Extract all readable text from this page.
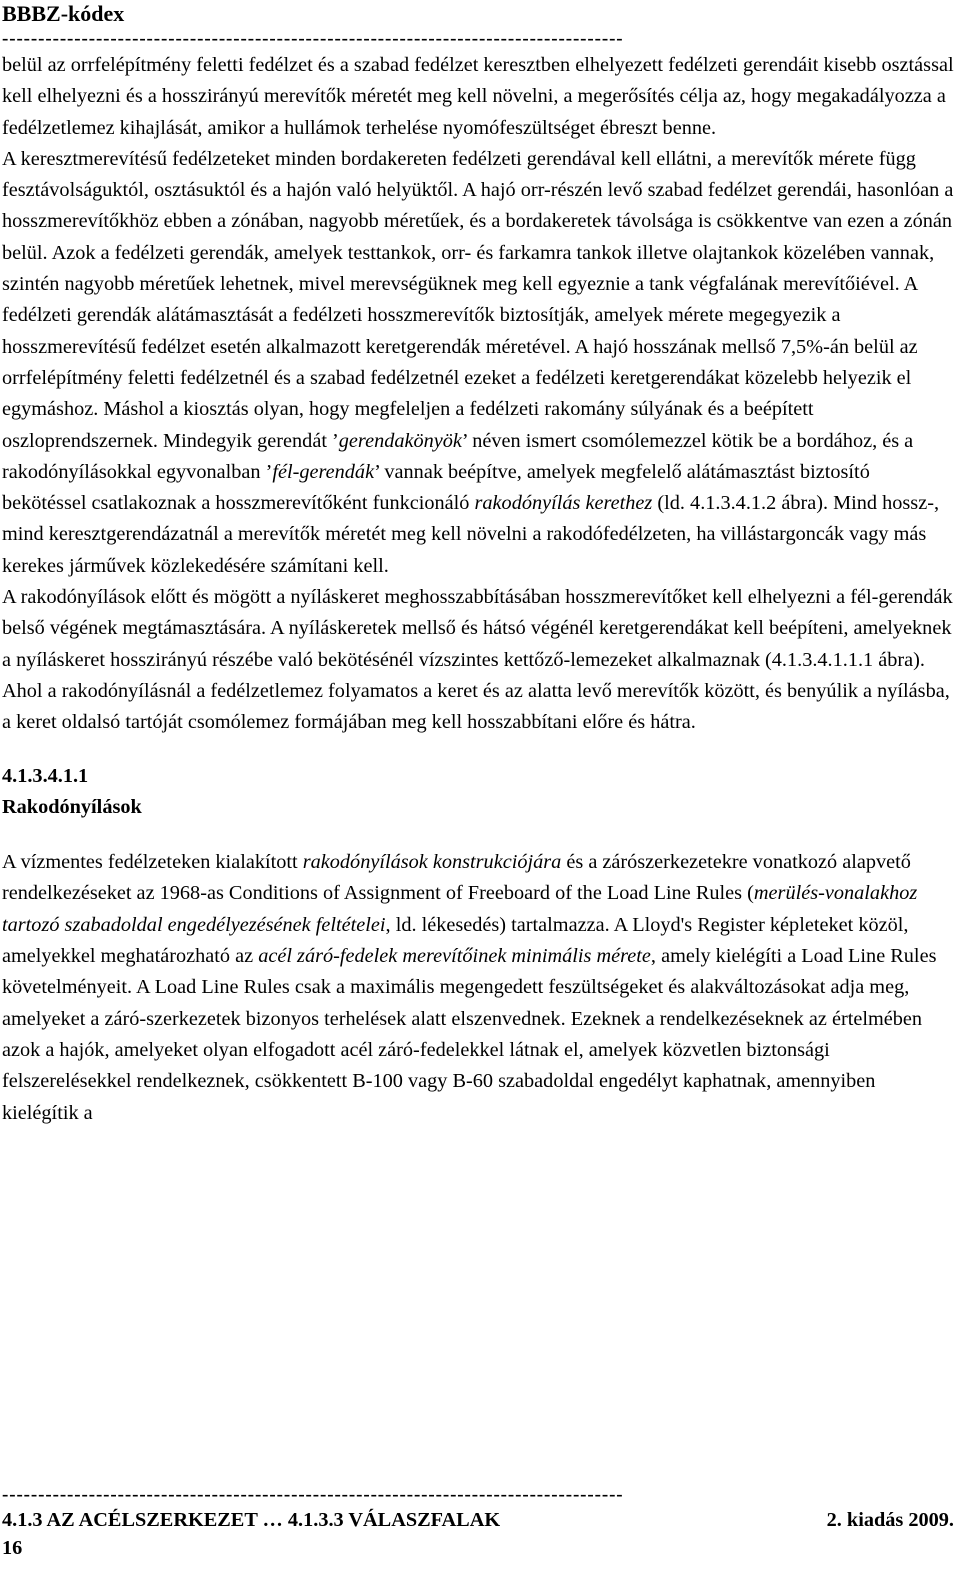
BBBZ-kódex
--------------------------------------------------------------------------------------

belül az orrfelépítmény feletti fedélzet és a szabad fedélzet keresztben elhelyezett fedélzeti gerendáit kisebb osztással kell elhelyezni és a hosszirányú merevítők méretét meg kell növelni, a megerősítés célja az, hogy megakadályozza a fedélzetlemez kihajlását, amikor a hullámok terhelése nyomófeszültséget ébreszt benne.

A keresztmerevítésű fedélzeteket minden bordakereten fedélzeti gerendával kell ellátni, a merevítők mérete függ fesztávolságuktól, osztásuktól és a hajón való helyüktől. A hajó orr-részén levő szabad fedélzet gerendái, hasonlóan a hosszmerevítőkhöz ebben a zónában, nagyobb méretűek, és a bordakeretek távolsága is csökkentve van ezen a zónán belül. Azok a fedélzeti gerendák, amelyek testtankok, orr- és farkamra tankok illetve olajtankok közelében vannak, szintén nagyobb méretűek lehetnek, mivel merevségüknek meg kell egyeznie a tank végfalának merevítőiével. A fedélzeti gerendák alátámasztását a fedélzeti hosszmerevítők biztosítják, amelyek mérete megegyezik a hosszmerevítésű fedélzet esetén alkalmazott keretgerendák méretével. A hajó hosszának mellső 7,5%-án belül az orrfelépítmény feletti fedélzetnél és a szabad fedélzetnél ezeket a fedélzeti keretgerendákat közelebb helyezik el egymáshoz. Máshol a kiosztás olyan, hogy megfeleljen a fedélzeti rakomány súlyának és a beépített oszloprendszernek. Mindegyik gerendát ’gerendakönyök’ néven ismert csomólemezzel kötik be a bordához, és a rakodónyílásokkal egyvonalban ’fél-gerendák’ vannak beépítve, amelyek megfelelő alátámasztást biztosító bekötéssel csatlakoznak a hosszmerevítőként funkcionáló rakodónyílás kerethez (ld. 4.1.3.4.1.2 ábra). Mind hossz-, mind keresztgerendázatnál a merevítők méretét meg kell növelni a rakodófedélzeten, ha villástargoncák vagy más kerekes járművek közlekedésére számítani kell.

A rakodónyílások előtt és mögött a nyíláskeret meghosszabbításában hosszmerevítőket kell elhelyezni a fél-gerendák belső végének megtámasztására. A nyíláskeretek mellső és hátsó végénél keretgerendákat kell beépíteni, amelyeknek a nyíláskeret hosszirányú részébe való bekötésénél vízszintes kettőző-lemezeket alkalmaznak (4.1.3.4.1.1.1 ábra). Ahol a rakodónyílásnál a fedélzetlemez folyamatos a keret és az alatta levő merevítők között, és benyúlik a nyílásba, a keret oldalsó tartóját csomólemez formájában meg kell hosszabbítani előre és hátra.

4.1.3.4.1.1
Rakodónyílások

A vízmentes fedélzeteken kialakított rakodónyílások konstrukciójára és a zárószerkezetekre vonatkozó alapvető rendelkezéseket az 1968-as Conditions of Assignment of Freeboard of the Load Line Rules (merülés-vonalakhoz tartozó szabadoldal engedélyezésének feltételei, ld. lékesedés) tartalmazza. A Lloyd's Register képleteket közöl, amelyekkel meghatározható az acél záró-fedelek merevítőinek minimális mérete, amely kielégíti a Load Line Rules követelményeit. A Load Line Rules csak a maximális megengedett feszültségeket és alakváltozásokat adja meg, amelyeket a záró-szerkezetek bizonyos terhelések alatt elszenvednek. Ezeknek a rendelkezéseknek az értelmében azok a hajók, amelyeket olyan elfogadott acél záró-fedelekkel látnak el, amelyek közvetlen biztonsági felszerelésekkel rendelkeznek, csökkentett B-100 vagy B-60 szabadoldal engedélyt kaphatnak, amennyiben kielégítik a

--------------------------------------------------------------------------------------
4.1.3 AZ ACÉLSZERKEZET … 4.1.3.3 VÁLASZFALAK	2. kiadás 2009.
16
